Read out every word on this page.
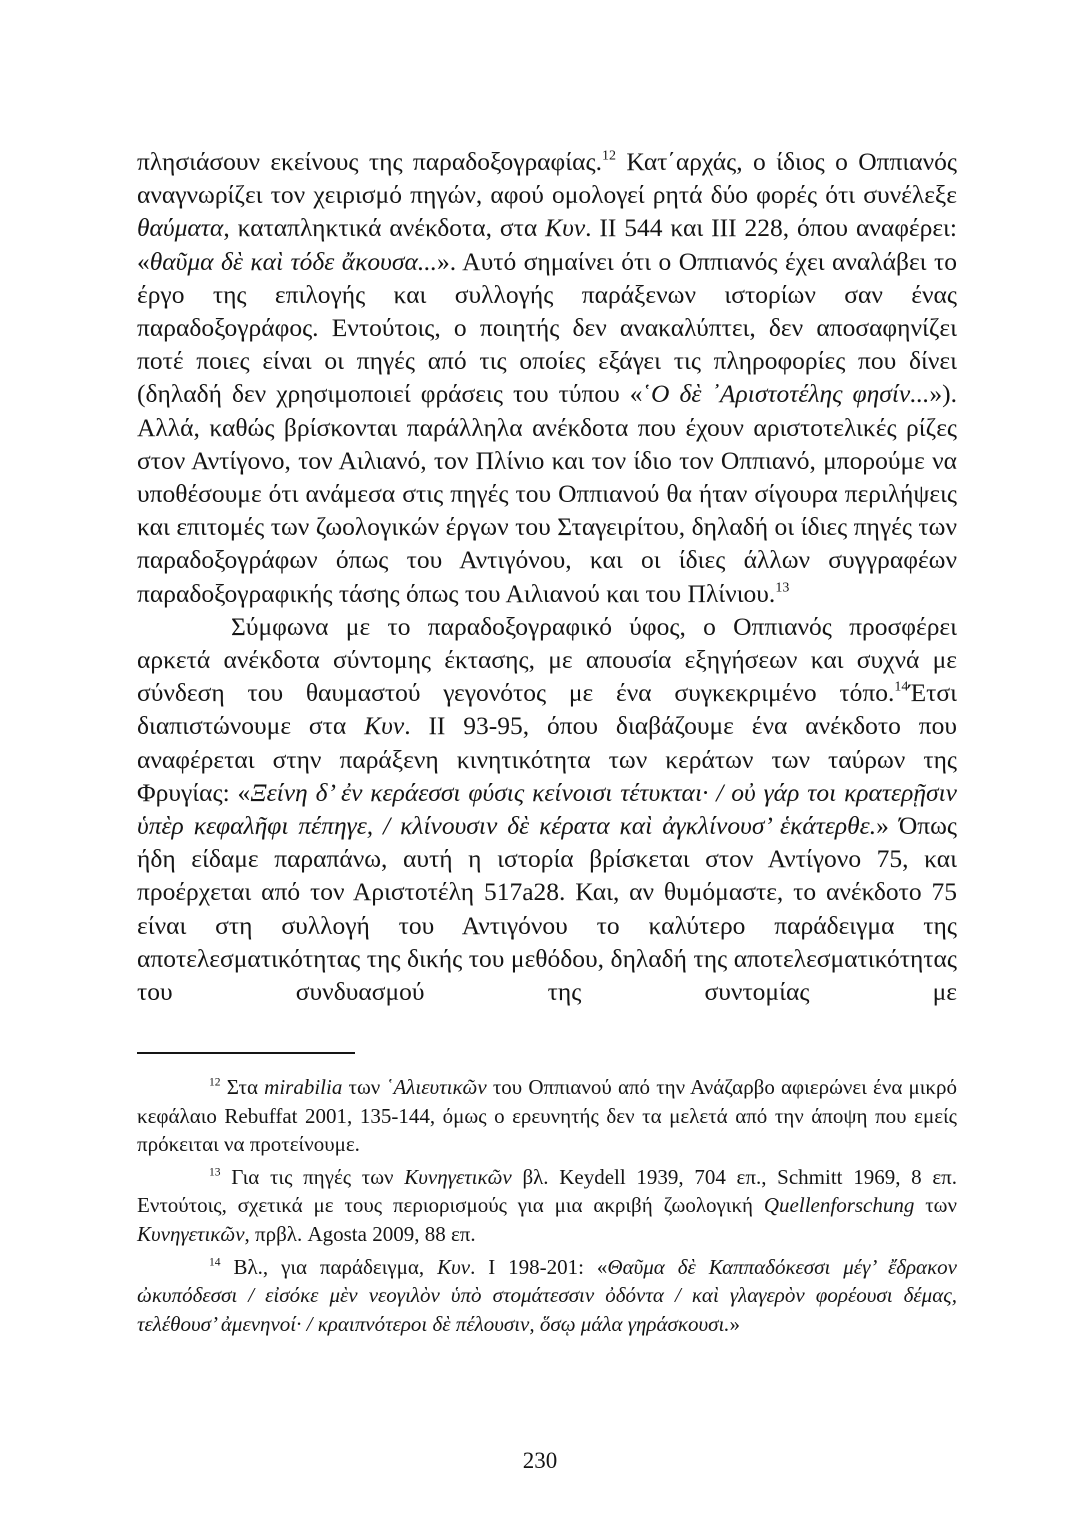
πλησιάσουν εκείνους της παραδοξογραφίας.$^{12}$ Κατ΄αρχάς, ο ίδιος ο Οππιανός αναγνωρίζει τον χειρισμό πηγών, αφού ομολογεί ρητά δύο φορές ότι συνέλεξε θαύματα, καταπληκτικά ανέκδοτα, στα Κυν. ΙΙ 544 και ΙΙΙ 228, όπου αναφέρει: «θαῦμα δὲ καὶ τόδε ἄκουσα...». Αυτό σημαίνει ότι ο Οππιανός έχει αναλάβει το έργο της επιλογής και συλλογής παράξενων ιστορίων σαν ένας παραδοξογράφος. Εντούτοις, ο ποιητής δεν ανακαλύπτει, δεν αποσαφηνίζει ποτέ ποιες είναι οι πηγές από τις οποίες εξάγει τις πληροφορίες που δίνει (δηλαδή δεν χρησιμοποιεί φράσεις του τύπου «῾Ο δὲ ᾿Αριστοτέλης φησίν...»). Αλλά, καθώς βρίσκονται παράλληλα ανέκδοτα που έχουν αριστοτελικές ρίζες στον Αντίγονο, τον Αιλιανό, τον Πλίνιο και τον ίδιο τον Οππιανό, μπορούμε να υποθέσουμε ότι ανάμεσα στις πηγές του Οππιανού θα ήταν σίγουρα περιλήψεις και επιτομές των ζωολογικών έργων του Σταγειρίτου, δηλαδή οι ίδιες πηγές των παραδοξογράφων όπως του Αντιγόνου, και οι ίδιες άλλων συγγραφέων παραδοξογραφικής τάσης όπως του Αιλιανού και του Πλίνιου.$^{13}$

Σύμφωνα με το παραδοξογραφικό ύφος, ο Οππιανός προσφέρει αρκετά ανέκδοτα σύντομης έκτασης, με απουσία εξηγήσεων και συχνά με σύνδεση του θαυμαστού γεγονότος με ένα συγκεκριμένο τόπο.$^{14}$Έτσι διαπιστώνουμε στα Κυν. ΙΙ 93-95, όπου διαβάζουμε ένα ανέκδοτο που αναφέρεται στην παράξενη κινητικότητα των κεράτων των ταύρων της Φρυγίας: «Ξείνη δ’ ἐν κεράεσσι φύσις κείνοισι τέτυκται· / οὐ γάρ τοι κρατερῇσιν ὑπὲρ κεφαλῆφι πέπηγε, / κλίνουσιν δὲ κέρατα καὶ ἀγκλίνουσ’ ἑκάτερθε.» Όπως ήδη είδαμε παραπάνω, αυτή η ιστορία βρίσκεται στον Αντίγονο 75, και προέρχεται από τον Αριστοτέλη 517a28. Και, αν θυμόμαστε, το ανέκδοτο 75 είναι στη συλλογή του Αντιγόνου το καλύτερο παράδειγμα της αποτελεσματικότητας της δικής του μεθόδου, δηλαδή της αποτελεσματικότητας του συνδυασμού της συντομίας με

$^{12}$ Στα mirabilia των ῾Αλιευτικῶν του Οππιανού από την Ανάζαρβο αφιερώνει ένα μικρό κεφάλαιο Rebuffat 2001, 135-144, όμως ο ερευνητής δεν τα μελετά από την άποψη που εμείς πρόκειται να προτείνουμε.

$^{13}$ Για τις πηγές των Κυνηγετικῶν βλ. Keydell 1939, 704 επ., Schmitt 1969, 8 επ. Εντούτοις, σχετικά με τους περιορισμούς για μια ακριβή ζωολογική Quellenforschung των Κυνηγετικῶν, πρβλ. Agosta 2009, 88 επ.

$^{14}$ Βλ., για παράδειγμα, Κυν. Ι 198-201: «Θαῦμα δὲ Καππαδόκεσσι μέγ’ ἔδρακον ὠκυπόδεσσι / εἰσόκε μὲν νεογιλὸν ὑπὸ στομάτεσσιν ὀδόντα / καὶ γλαγερὸν φορέουσι δέμας, τελέθουσ’ ἀμενηνοί· / κραιπνότεροι δὲ πέλουσιν, ὅσῳ μάλα γηράσκουσι.»

230
